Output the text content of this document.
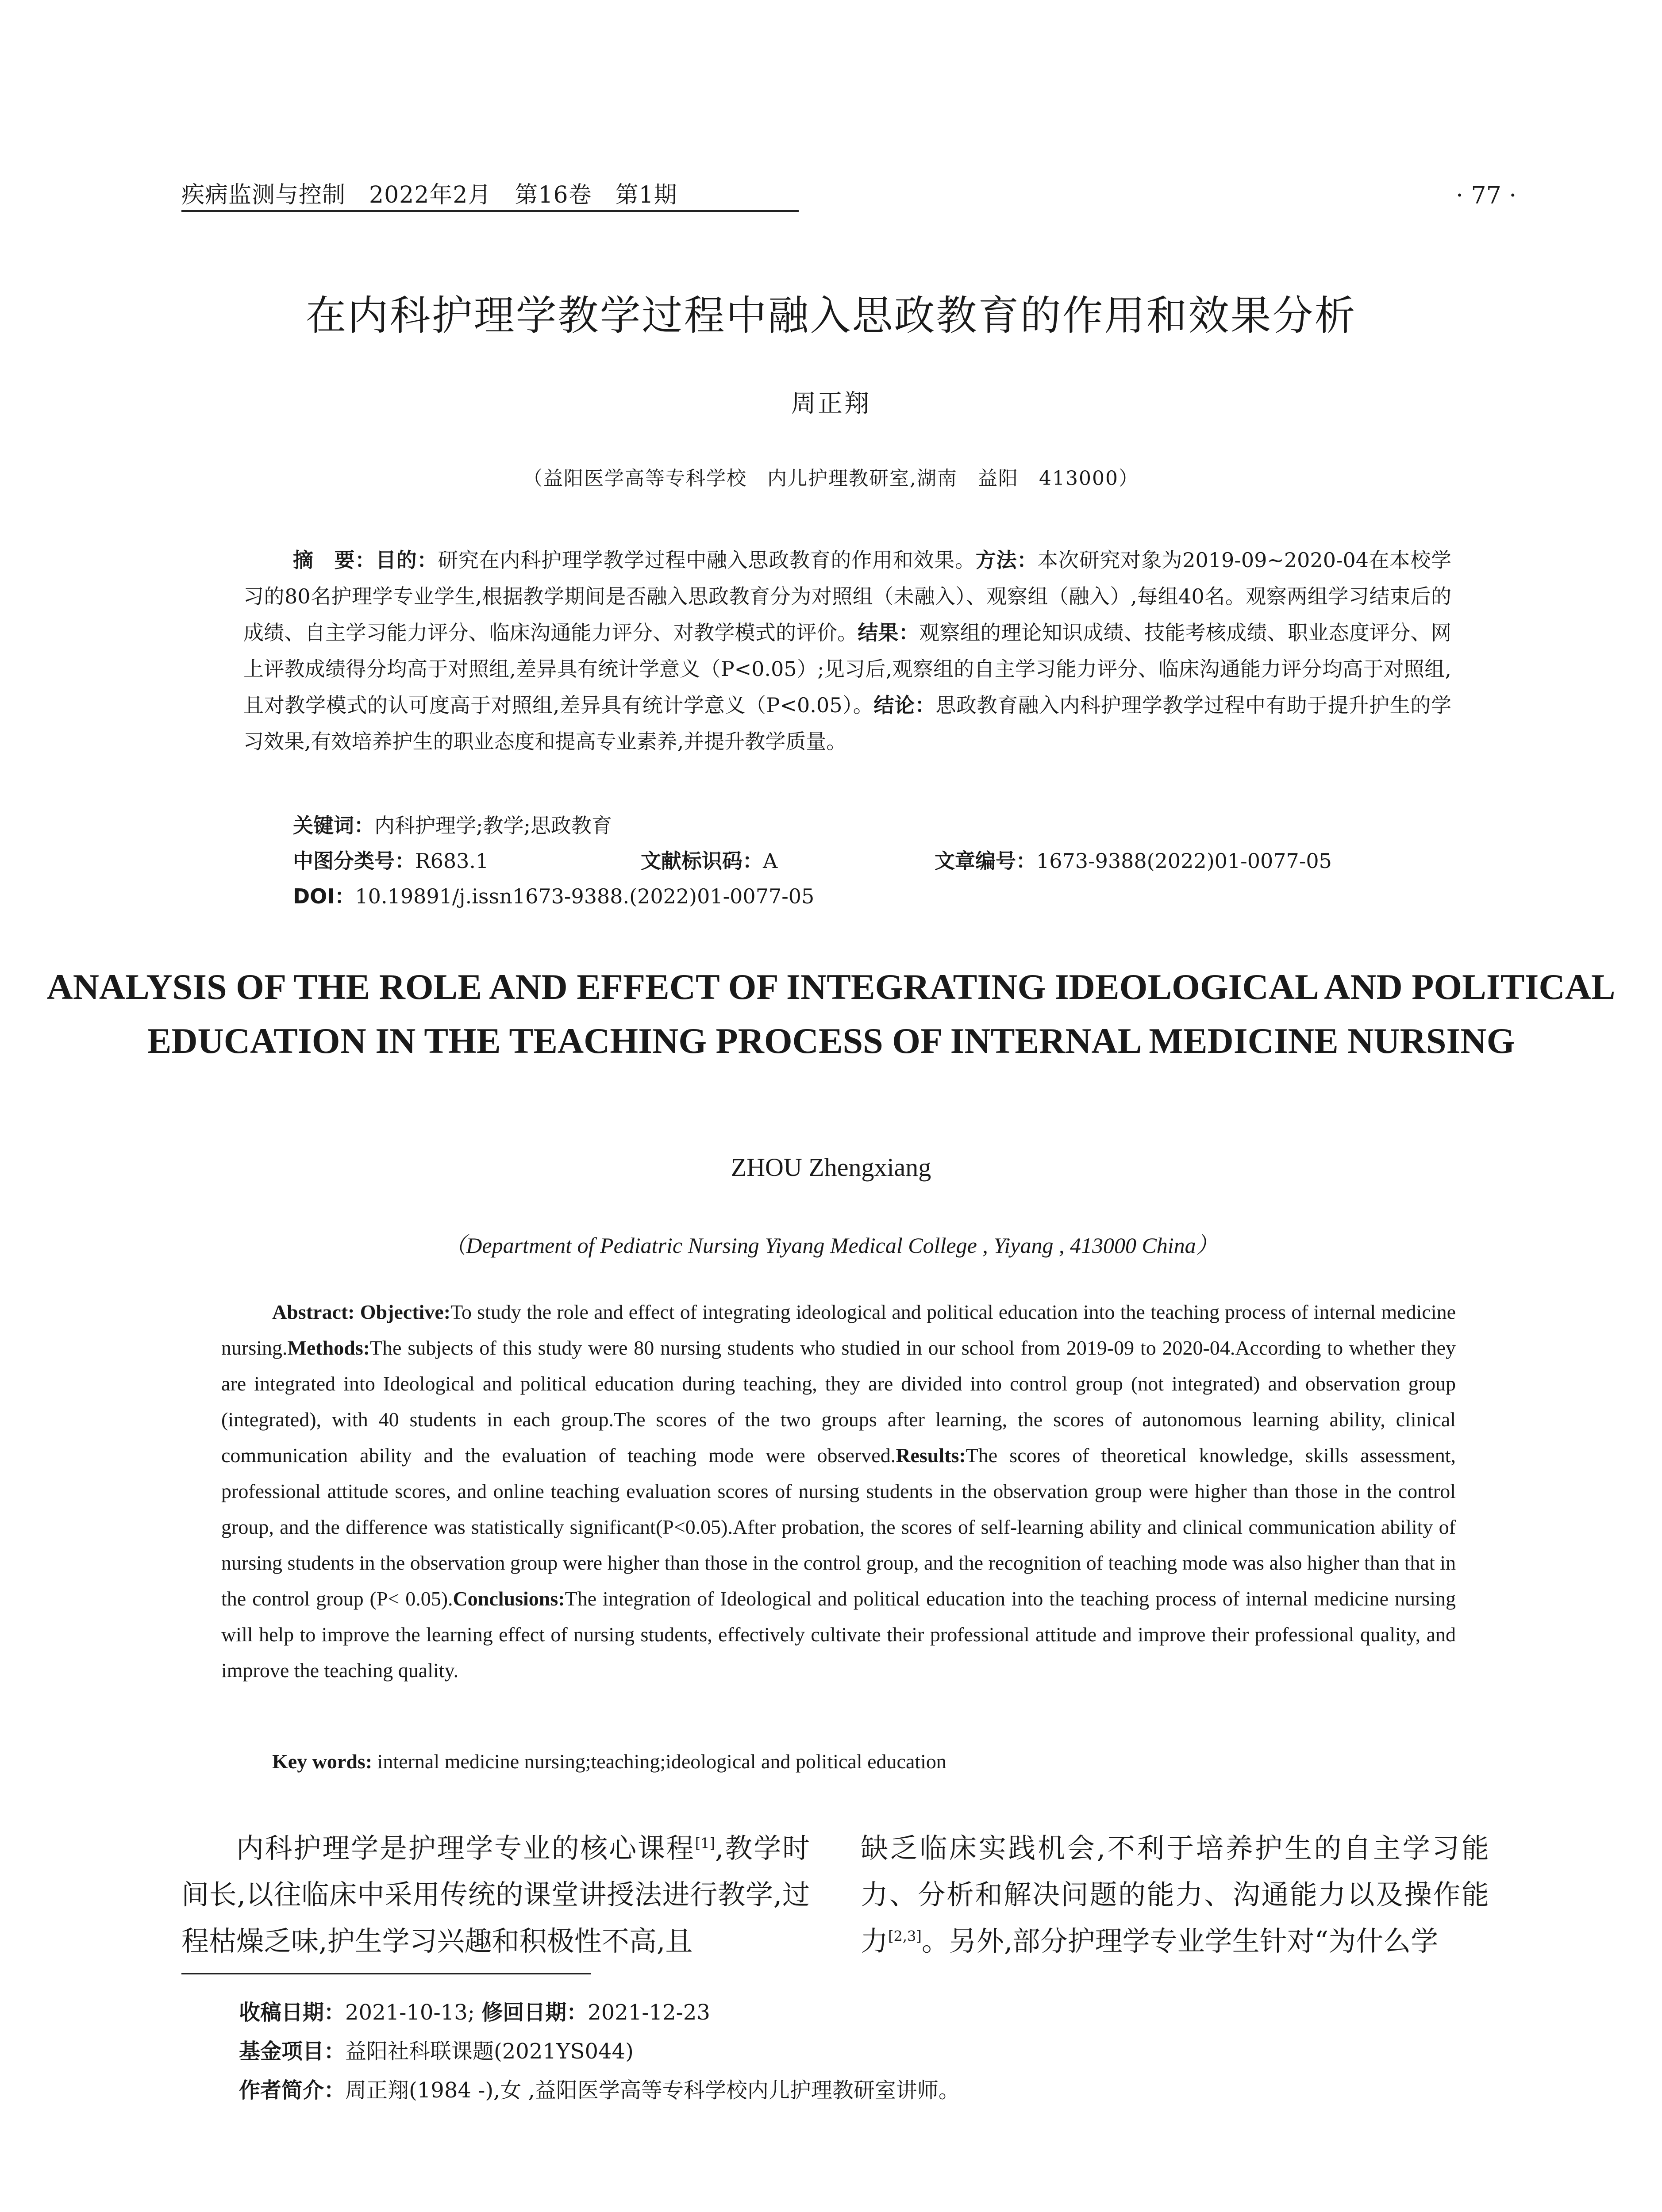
疾病监测与控制　2022年2月　第16卷　第1期	· 77 ·
在内科护理学教学过程中融入思政教育的作用和效果分析
周正翔
（益阳医学高等专科学校　内儿护理教研室,湖南　益阳　413000）
摘　要：目的：研究在内科护理学教学过程中融入思政教育的作用和效果。方法：本次研究对象为2019-09~2020-04在本校学习的80名护理学专业学生,根据教学期间是否融入思政教育分为对照组（未融入）、观察组（融入）,每组40名。观察两组学习结束后的成绩、自主学习能力评分、临床沟通能力评分、对教学模式的评价。结果：观察组的理论知识成绩、技能考核成绩、职业态度评分、网上评教成绩得分均高于对照组,差异具有统计学意义（P<0.05）;见习后,观察组的自主学习能力评分、临床沟通能力评分均高于对照组,且对教学模式的认可度高于对照组,差异具有统计学意义（P<0.05）。结论：思政教育融入内科护理学教学过程中有助于提升护生的学习效果,有效培养护生的职业态度和提高专业素养,并提升教学质量。
关键词：内科护理学;教学;思政教育
中图分类号：R683.1	文献标识码：A	文章编号：1673-9388(2022)01-0077-05
DOI：10.19891/j.issn1673-9388.(2022)01-0077-05
ANALYSIS OF THE ROLE AND EFFECT OF INTEGRATING IDEOLOGICAL AND POLITICAL EDUCATION IN THE TEACHING PROCESS OF INTERNAL MEDICINE NURSING
ZHOU Zhengxiang
（Department of Pediatric Nursing Yiyang Medical College , Yiyang , 413000 China）
Abstract: Objective:To study the role and effect of integrating ideological and political education into the teaching process of internal medicine nursing.Methods:The subjects of this study were 80 nursing students who studied in our school from 2019-09 to 2020-04.According to whether they are integrated into Ideological and political education during teaching, they are divided into control group (not integrated) and observation group (integrated), with 40 students in each group.The scores of the two groups after learning, the scores of autonomous learning ability, clinical communication ability and the evaluation of teaching mode were observed.Results:The scores of theoretical knowledge, skills assessment, professional attitude scores, and online teaching evaluation scores of nursing students in the observation group were higher than those in the control group, and the difference was statistically significant(P<0.05).After probation, the scores of self-learning ability and clinical communication ability of nursing students in the observation group were higher than those in the control group, and the recognition of teaching mode was also higher than that in the control group (P< 0.05).Conclusions:The integration of Ideological and political education into the teaching process of internal medicine nursing will help to improve the learning effect of nursing students, effectively cultivate their professional attitude and improve their professional quality, and improve the teaching quality.
Key words: internal medicine nursing;teaching;ideological and political education
内科护理学是护理学专业的核心课程[1],教学时间长,以往临床中采用传统的课堂讲授法进行教学,过程枯燥乏味,护生学习兴趣和积极性不高,且
缺乏临床实践机会,不利于培养护生的自主学习能力、分析和解决问题的能力、沟通能力以及操作能力[2,3]。另外,部分护理学专业学生针对“为什么学
收稿日期：2021-10-13; 修回日期：2021-12-23
基金项目：益阳社科联课题(2021YS044)
作者简介：周正翔(1984 -),女 ,益阳医学高等专科学校内儿护理教研室讲师。
